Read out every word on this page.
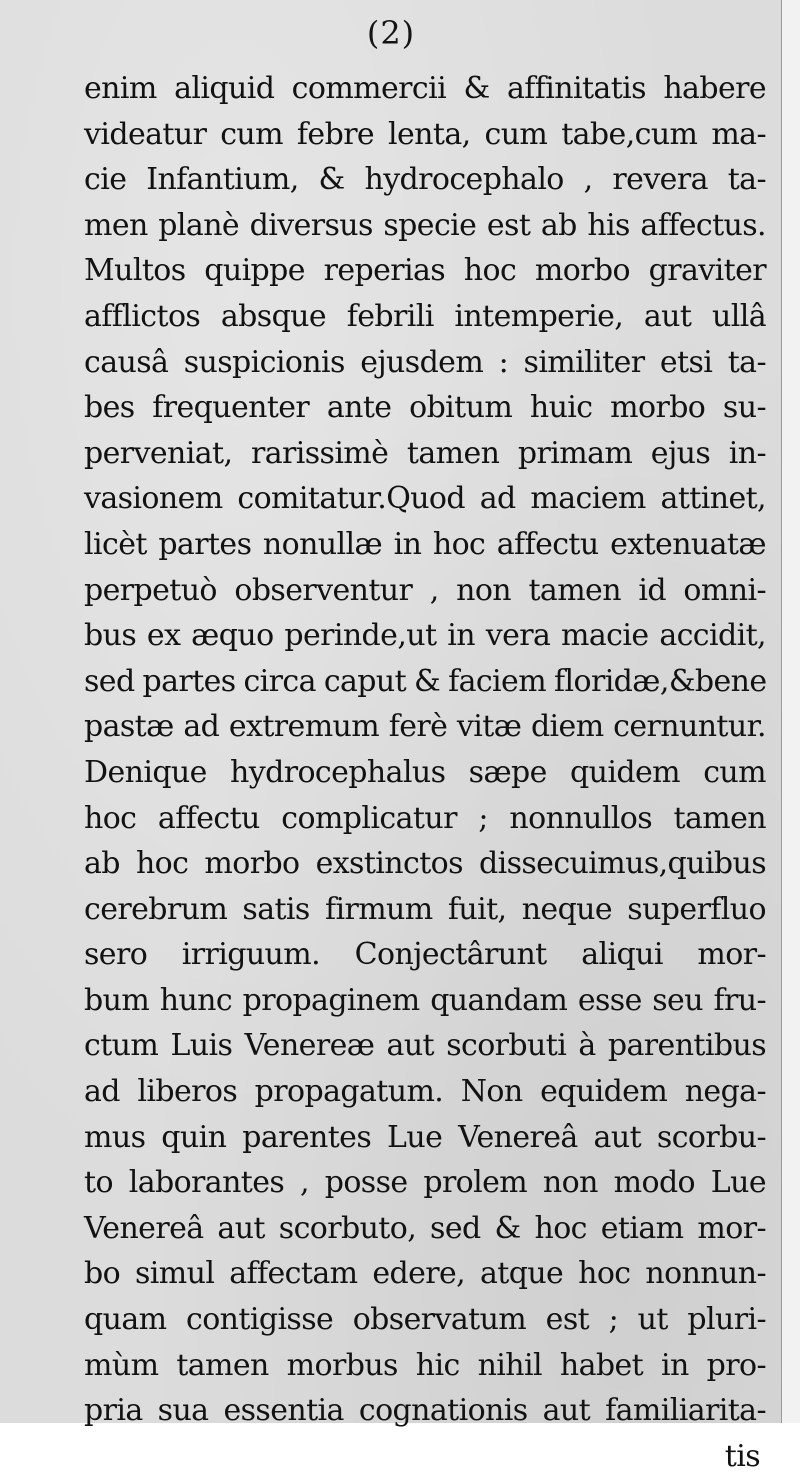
(2)
enim aliquid commercii & affinitatis habere
videatur cum febre lenta, cum tabe,cum ma-
cie Infantium, & hydrocephalo , revera ta-
men planè diversus specie est ab his affectus.
Multos quippe reperias hoc morbo graviter
afflictos absque febrili intemperie, aut ullâ
causâ suspicionis ejusdem : similiter etsi ta-
bes frequenter ante obitum huic morbo su-
perveniat, rarissimè tamen primam ejus in-
vasionem comitatur.Quod ad maciem attinet,
licèt partes nonullæ in hoc affectu extenuatæ
perpetuò observentur , non tamen id omni-
bus ex æquo perinde,ut in vera macie accidit,
sed partes circa caput & faciem floridæ,&bene
pastæ ad extremum ferè vitæ diem cernuntur.
Denique hydrocephalus sæpe quidem cum
hoc affectu complicatur ; nonnullos tamen
ab hoc morbo exstinctos dissecuimus,quibus
cerebrum satis firmum fuit, neque superfluo
sero irriguum. Conjectârunt aliqui mor-
bum hunc propaginem quandam esse seu fru-
ctum Luis Venereæ aut scorbuti à parentibus
ad liberos propagatum. Non equidem nega-
mus quin parentes Lue Venereâ aut scorbu-
to laborantes , posse prolem non modo Lue
Venereâ aut scorbuto, sed & hoc etiam mor-
bo simul affectam edere, atque hoc nonnun-
quam contigisse observatum est ; ut pluri-
mùm tamen morbus hic nihil habet in pro-
pria sua essentia cognationis aut familiarita-
tis
